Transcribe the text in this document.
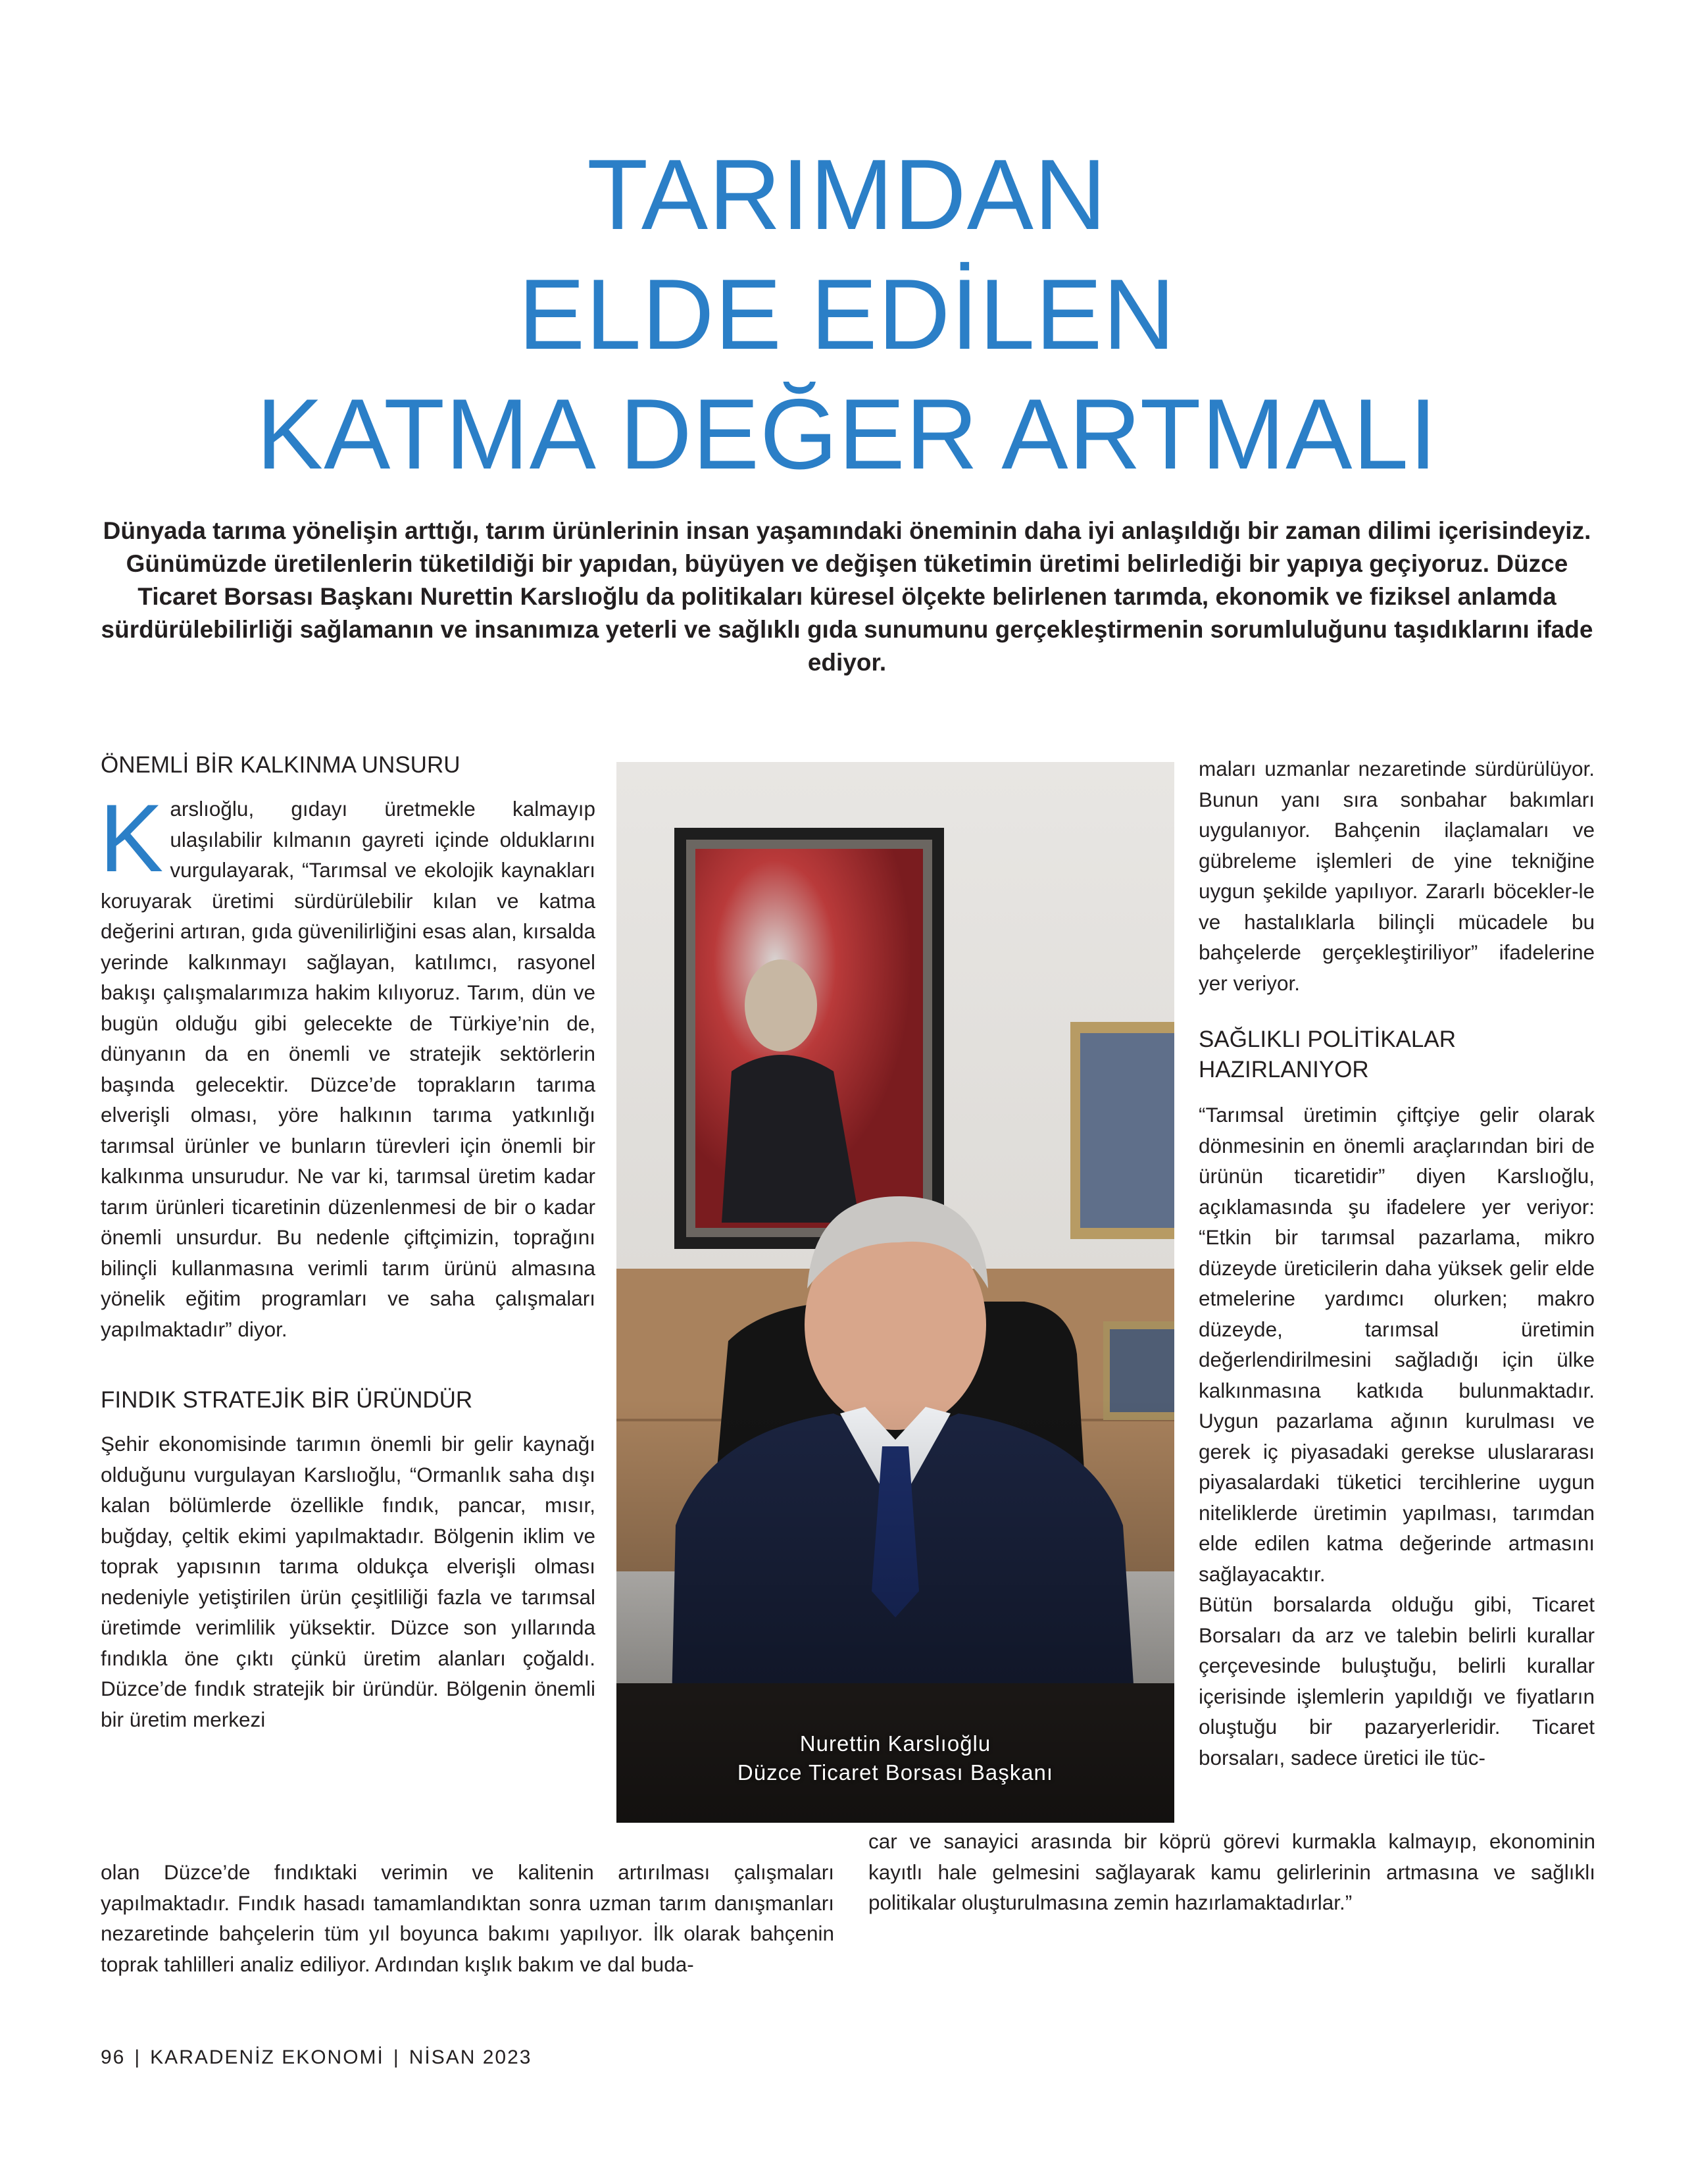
TARIMDAN
ELDE EDİLEN
KATMA DEĞER ARTMALI

Dünyada tarıma yönelişin arttığı, tarım ürünlerinin insan yaşamındaki öneminin daha iyi anlaşıldığı bir zaman dilimi içerisindeyiz. Günümüzde üretilenlerin tüketildiği bir yapıdan, büyüyen ve değişen tüketimin üretimi belirlediği bir yapıya geçiyoruz. Düzce Ticaret Borsası Başkanı Nurettin Karslıoğlu da politikaları küresel ölçekte belirlenen tarımda, ekonomik ve fiziksel anlamda sürdürülebilirliği sağlamanın ve insanımıza yeterli ve sağlıklı gıda sunumunu gerçekleştirmenin sorumluluğunu taşıdıklarını ifade ediyor.

ÖNEMLİ BİR KALKINMA UNSURU

Karslıoğlu, gıdayı üretmekle kalmayıp ulaşılabilir kılmanın gayreti içinde olduklarını vurgulayarak, “Tarımsal ve ekolojik kaynakları koruyarak üretimi sürdürülebilir kılan ve katma değerini artıran, gıda güvenilirliğini esas alan, kırsalda yerinde kalkınmayı sağlayan, katılımcı, rasyonel bakışı çalışmalarımıza hakim kılıyoruz. Tarım, dün ve bugün olduğu gibi gelecekte de Türkiye’nin de, dünyanın da en önemli ve stratejik sektörlerin başında gelecektir. Düzce’de toprakların tarıma elverişli olması, yöre halkının tarıma yatkınlığı tarımsal ürünler ve bunların türevleri için önemli bir kalkınma unsurudur. Ne var ki, tarımsal üretim kadar tarım ürünleri ticaretinin düzenlenmesi de bir o kadar önemli unsurdur. Bu nedenle çiftçimizin, toprağını bilinçli kullanmasına verimli tarım ürünü almasına yönelik eğitim programları ve saha çalışmaları yapılmaktadır” diyor.

FINDIK STRATEJİK BİR ÜRÜNDÜR

Şehir ekonomisinde tarımın önemli bir gelir kaynağı olduğunu vurgulayan Karslıoğlu, “Ormanlık saha dışı kalan bölümlerde özellikle fındık, pancar, mısır, buğday, çeltik ekimi yapılmaktadır. Bölgenin iklim ve toprak yapısının tarıma oldukça elverişli olması nedeniyle yetiştirilen ürün çeşitliliği fazla ve tarımsal üretimde verimlilik yüksektir. Düzce son yıllarında fındıkla öne çıktı çünkü üretim alanları çoğaldı. Düzce’de fındık stratejik bir üründür. Bölgenin önemli bir üretim merkezi

olan Düzce’de fındıktaki verimin ve kalitenin artırılması çalışmaları yapılmaktadır. Fındık hasadı tamamlandıktan sonra uzman tarım danışmanları nezaretinde bahçelerin tüm yıl boyunca bakımı yapılıyor. İlk olarak bahçenin toprak tahlilleri analiz ediliyor. Ardından kışlık bakım ve dal buda-

Nurettin Karslıoğlu
Düzce Ticaret Borsası Başkanı

maları uzmanlar nezaretinde sürdürülüyor. Bunun yanı sıra sonbahar bakımları uygulanıyor. Bahçenin ilaçlamaları ve gübreleme işlemleri de yine tekniğine uygun şekilde yapılıyor. Zararlı böcekler-le ve hastalıklarla bilinçli mücadele bu bahçelerde gerçekleştiriliyor” ifadelerine yer veriyor.

SAĞLIKLI POLİTİKALAR HAZIRLANIYOR

“Tarımsal üretimin çiftçiye gelir olarak dönmesinin en önemli araçlarından biri de ürünün ticaretidir” diyen Karslıoğlu, açıklamasında şu ifadelere yer veriyor: “Etkin bir tarımsal pazarlama, mikro düzeyde üreticilerin daha yüksek gelir elde etmelerine yardımcı olurken; makro düzeyde, tarımsal üretimin değerlendirilmesini sağladığı için ülke kalkınmasına katkıda bulunmaktadır. Uygun pazarlama ağının kurulması ve gerek iç piyasadaki gerekse uluslararası piyasalardaki tüketici tercihlerine uygun niteliklerde üretimin yapılması, tarımdan elde edilen katma değerinde artmasını sağlayacaktır.

Bütün borsalarda olduğu gibi, Ticaret Borsaları da arz ve talebin belirli kurallar çerçevesinde buluştuğu, belirli kurallar içerisinde işlemlerin yapıldığı ve fiyatların oluştuğu bir pazaryerleridir. Ticaret borsaları, sadece üretici ile tüc-

car ve sanayici arasında bir köprü görevi kurmakla kalmayıp, ekonominin kayıtlı hale gelmesini sağlayarak kamu gelirlerinin artmasına ve sağlıklı politikalar oluşturulmasına zemin hazırlamaktadırlar.”

96 | KARADENİZ EKONOMİ | NİSAN 2023
